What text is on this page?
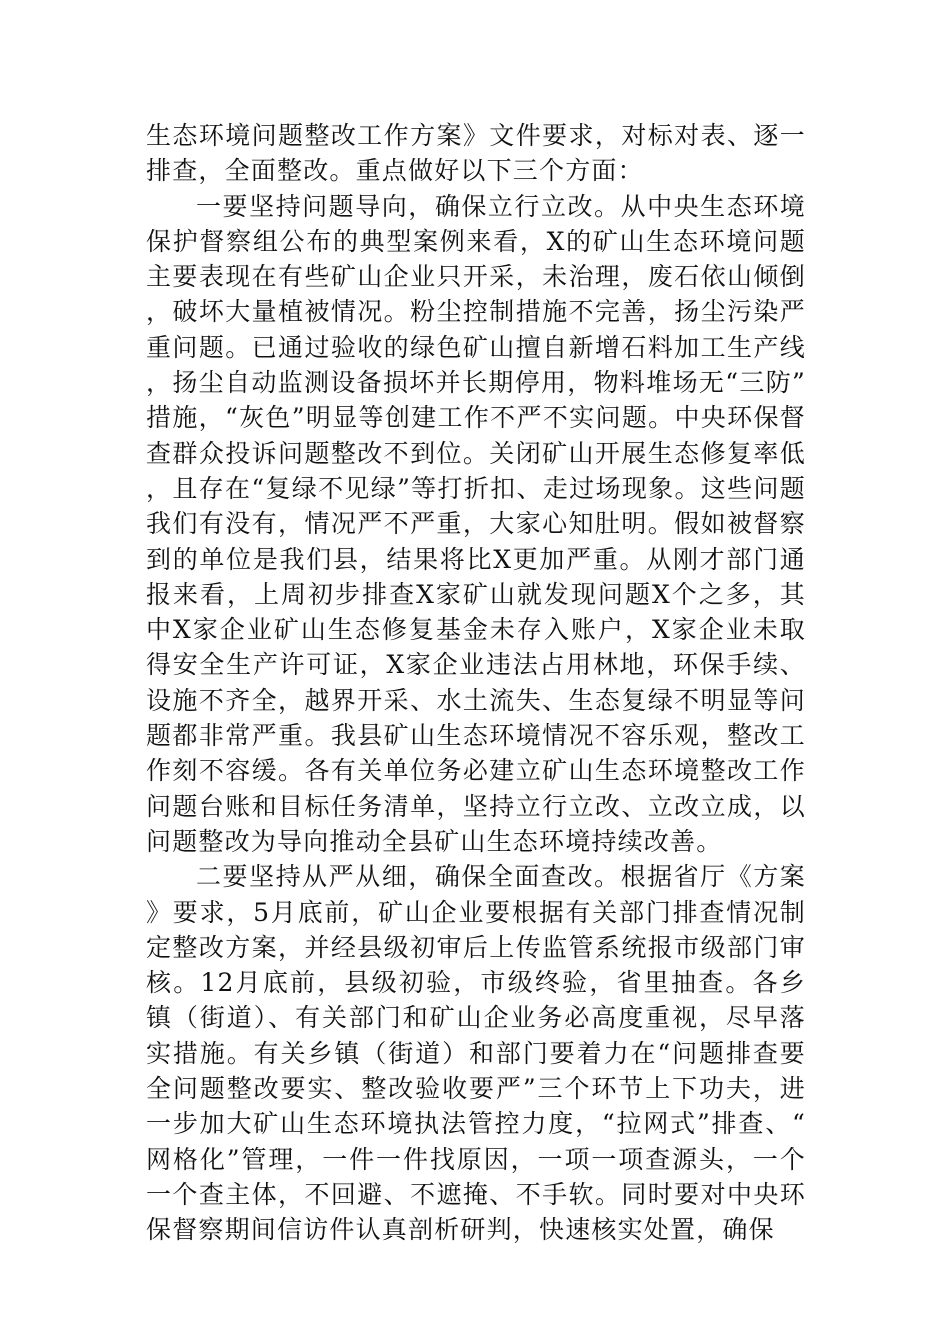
生态环境问题整改工作方案》文件要求，对标对表、逐一排查，全面整改。重点做好以下三个方面：

一要坚持问题导向，确保立行立改。从中央生态环境保护督察组公布的典型案例来看，X的矿山生态环境问题主要表现在有些矿山企业只开采，未治理，废石依山倾倒，破坏大量植被情况。粉尘控制措施不完善，扬尘污染严重问题。已通过验收的绿色矿山擅自新增石料加工生产线，扬尘自动监测设备损坏并长期停用，物料堆场无“三防”措施，“灰色”明显等创建工作不严不实问题。中央环保督查群众投诉问题整改不到位。关闭矿山开展生态修复率低，且存在“复绿不见绿”等打折扣、走过场现象。这些问题我们有没有，情况严不严重，大家心知肚明。假如被督察到的单位是我们县，结果将比X更加严重。从刚才部门通报来看，上周初步排查X家矿山就发现问题X个之多，其中X家企业矿山生态修复基金未存入账户，X家企业未取得安全生产许可证，X家企业违法占用林地，环保手续、设施不齐全，越界开采、水土流失、生态复绿不明显等问题都非常严重。我县矿山生态环境情况不容乐观，整改工作刻不容缓。各有关单位务必建立矿山生态环境整改工作问题台账和目标任务清单，坚持立行立改、立改立成，以问题整改为导向推动全县矿山生态环境持续改善。

二要坚持从严从细，确保全面查改。根据省厅《方案》要求，5月底前，矿山企业要根据有关部门排查情况制定整改方案，并经县级初审后上传监管系统报市级部门审核。12月底前，县级初验，市级终验，省里抽查。各乡镇（街道）、有关部门和矿山企业务必高度重视，尽早落实措施。有关乡镇（街道）和部门要着力在“问题排查要全问题整改要实、整改验收要严”三个环节上下功夫，进一步加大矿山生态环境执法管控力度，“拉网式”排查、“网格化”管理，一件一件找原因，一项一项查源头，一个一个查主体，不回避、不遮掩、不手软。同时要对中央环保督察期间信访件认真剖析研判，快速核实处置，确保
